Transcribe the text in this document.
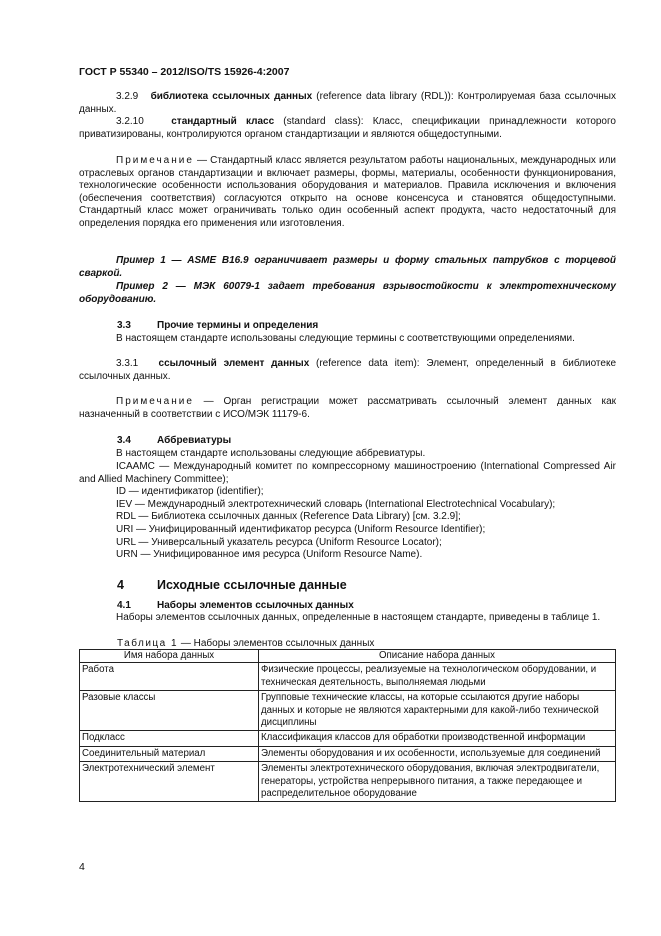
ГОСТ Р 55340 – 2012/ISO/TS 15926-4:2007
3.2.9 библиотека ссылочных данных (reference data library (RDL)): Контролируемая база ссылочных данных.
3.2.10	стандартный класс (standard class): Класс, спецификации принадлежности которого приватизированы, контролируются органом стандартизации и являются общедоступными.
Примечание — Стандартный класс является результатом работы национальных, международных или отраслевых органов стандартизации и включает размеры, формы, материалы, особенности функционирования, технологические особенности использования оборудования и материалов. Правила исключения и включения (обеспечения соответствия) согласуются открыто на основе консенсуса и становятся общедоступными. Стандартный класс может ограничивать только один особенный аспект продукта, часто недостаточный для определения порядка его применения или изготовления.
Пример 1 — ASME B16.9 ограничивает размеры и форму стальных патрубков с торцевой сваркой.
Пример 2 — МЭК 60079-1 задает требования взрывостойкости к электротехническому оборудованию.
3.3	Прочие термины и определения
В настоящем стандарте использованы следующие термины с соответствующими определениями.
3.3.1 ссылочный элемент данных (reference data item): Элемент, определенный в библиотеке ссылочных данных.
Примечание — Орган регистрации может рассматривать ссылочный элемент данных как назначенный в соответствии с ИСО/МЭК 11179-6.
3.4	Аббревиатуры
В настоящем стандарте использованы следующие аббревиатуры.
ICAAMC — Международный комитет по компрессорному машиностроению (International Compressed Air and Allied Machinery Committee);
ID — идентификатор (identifier);
IEV — Международный электротехнический словарь (International Electrotechnical Vocabulary);
RDL — Библиотека ссылочных данных (Reference Data Library) [см. 3.2.9];
URI — Унифицированный идентификатор ресурса (Uniform Resource Identifier);
URL — Универсальный указатель ресурса (Uniform Resource Locator);
URN — Унифицированное имя ресурса (Uniform Resource Name).
4	Исходные ссылочные данные
4.1	Наборы элементов ссылочных данных
Наборы элементов ссылочных данных, определенные в настоящем стандарте, приведены в таблице 1.
Таблица 1 — Наборы элементов ссылочных данных
Имя набора данных	Описание набора данных
Работа	Физические процессы, реализуемые на технологическом оборудовании, и техническая деятельность, выполняемая людьми
Разовые классы	Групповые технические классы, на которые ссылаются другие наборы данных и которые не являются характерными для какой-либо технической дисциплины
Подкласс	Классификация классов для обработки производственной информации
Соединительный материал	Элементы оборудования и их особенности, используемые для соединений
Электротехнический элемент	Элементы электротехнического оборудования, включая электродвигатели, генераторы, устройства непрерывного питания, а также передающее и распределительное оборудование
4
